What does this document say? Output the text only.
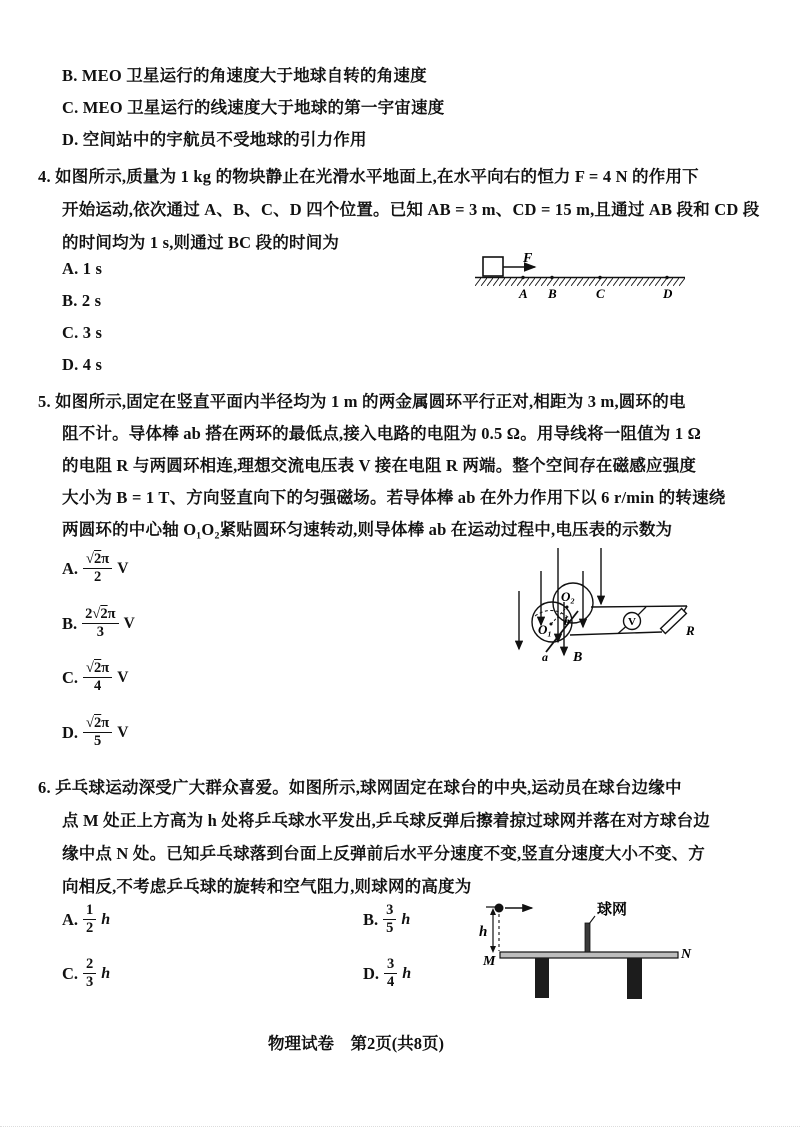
B. MEO 卫星运行的角速度大于地球自转的角速度
C. MEO 卫星运行的线速度大于地球的第一宇宙速度
D. 空间站中的宇航员不受地球的引力作用
4. 如图所示,质量为 1 kg 的物块静止在光滑水平地面上,在水平向右的恒力 F = 4 N 的作用下
开始运动,依次通过 A、B、C、D 四个位置。已知 AB = 3 m、CD = 15 m,且通过 AB 段和 CD 段
的时间均为 1 s,则通过 BC 段的时间为
A. 1 s
B. 2 s
C. 3 s
D. 4 s
F
A B	C	D
5. 如图所示,固定在竖直平面内半径均为 1 m 的两金属圆环平行正对,相距为 3 m,圆环的电
阻不计。导体棒 ab 搭在两环的最低点,接入电路的电阻为 0.5 Ω。用导线将一阻值为 1 Ω
的电阻 R 与两圆环相连,理想交流电压表 V 接在电阻 R 两端。整个空间存在磁感应强度
大小为 B = 1 T、方向竖直向下的匀强磁场。若导体棒 ab 在外力作用下以 6 r/min 的转速绕
两圆环的中心轴 O₁O₂紧贴圆环匀速转动,则导体棒 ab 在运动过程中,电压表的示数为
A. $\frac{√2\pi}{2}$ V
B. $\frac{2√2\pi}{3}$ V
C. $\frac{√2\pi}{4}$ V
D. $\frac{√2\pi}{5}$ V
O₂
O₁
a
b
B
V
R
6. 乒乓球运动深受广大群众喜爱。如图所示,球网固定在球台的中央,运动员在球台边缘中
点 M 处正上方高为 h 处将乒乓球水平发出,乒乓球反弹后擦着掠过球网并落在对方球台边
缘中点 N 处。已知乒乓球落到台面上反弹前后水平分速度不变,竖直分速度大小不变、方
向相反,不考虑乒乓球的旋转和空气阻力,则球网的高度为
A. $\frac{1}{2}$ h	B. $\frac{3}{5}$ h
C. $\frac{2}{3}$ h	D. $\frac{3}{4}$ h
h
球网
M	N
物理试卷　第2页(共8页)
